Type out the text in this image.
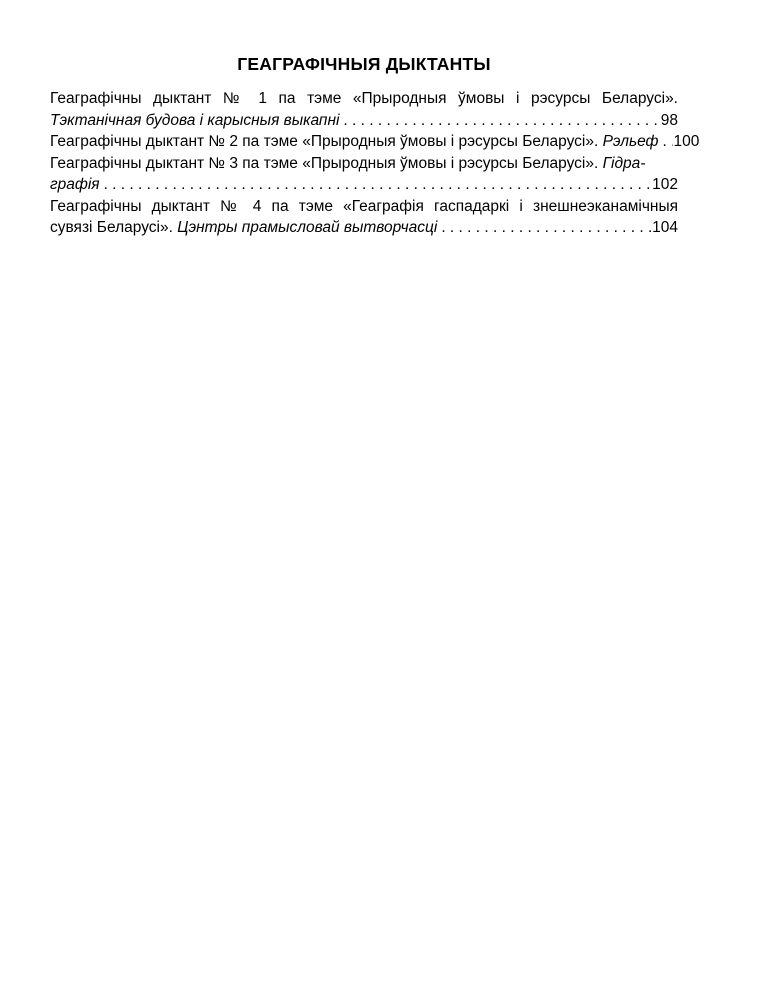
ГЕАГРАФІЧНЫЯ ДЫКТАНТЫ
Геаграфічны дыктант № 1 па тэме «Прыродныя ўмовы і рэсурсы Беларусі».
Тэктанічная будова і карысныя выкапні . . .	98
Геаграфічны дыктант № 2 па тэме «Прыродныя ўмовы і рэсурсы Беларусі». Рэльеф . . . 100
Геаграфічны дыктант № 3 па тэме «Прыродныя ўмовы і рэсурсы Беларусі». Гідра-
графія . . .	102
Геаграфічны дыктант № 4 па тэме «Геаграфія гаспадаркі і знешнеэканамічныя
сувязі Беларусі». Цэнтры прамысловай вытворчасці . . .	104
